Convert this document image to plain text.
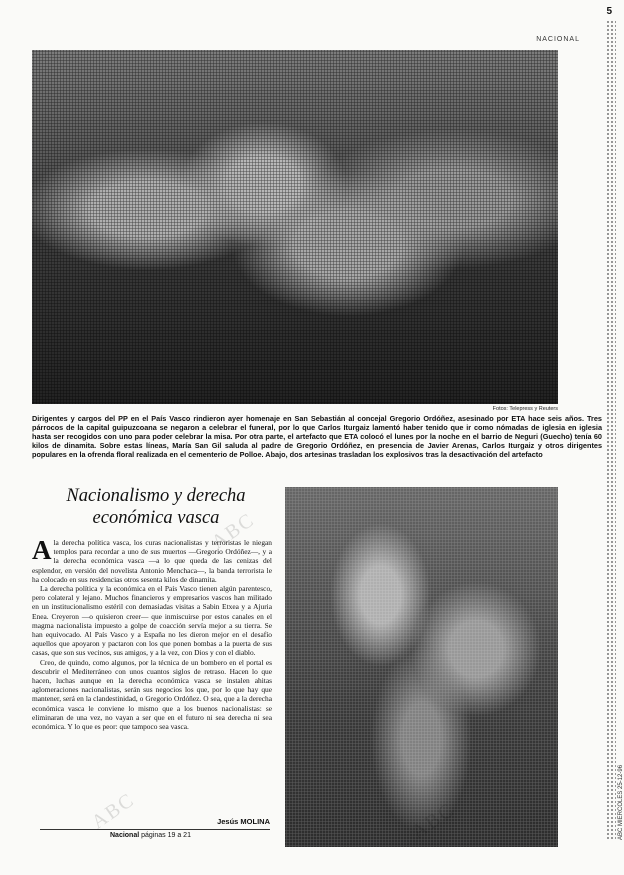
5
NACIONAL
ABC MIERCOLES 25-12-96
Fotos: Telepress y Reuters
Dirigentes y cargos del PP en el País Vasco rindieron ayer homenaje en San Sebastián al concejal Gregorio Ordóñez, asesinado por ETA hace seis años. Tres párrocos de la capital guipuzcoana se negaron a celebrar el funeral, por lo que Carlos Iturgaiz lamentó haber tenido que ir como nómadas de iglesia en iglesia hasta ser recogidos con uno para poder celebrar la misa. Por otra parte, el artefacto que ETA colocó el lunes por la noche en el barrio de Neguri (Guecho) tenía 60 kilos de dinamita. Sobre estas líneas, María San Gil saluda al padre de Gregorio Ordóñez, en presencia de Javier Arenas, Carlos Iturgaiz y otros dirigentes populares en la ofrenda floral realizada en el cementerio de Polloe. Abajo, dos artesinas trasladan los explosivos tras la desactivación del artefacto
Nacionalismo y derecha económica vasca

Ala derecha política vasca, los curas nacionalistas y terroristas le niegan templos para recordar a uno de sus muertos —Gregorio Ordóñez—, y a la derecha económica vasca —a lo que queda de las cenizas del esplendor, en versión del novelista Antonio Menchaca—, la banda terrorista le ha colocado en sus residencias otros sesenta kilos de dinamita.

La derecha política y la económica en el País Vasco tienen algún parentesco, pero colateral y lejano. Muchos financieros y empresarios vascos han militado en un institucionalismo estéril con demasiadas visitas a Sabin Etxea y a Ajuria Enea. Creyeron —o quisieron creer— que inmiscuirse por estos canales en el magma nacionalista impuesto a golpe de coacción servía mejor a su tierra. Se han equivocado. Al País Vasco y a España no les dieron mejor en el desafío aquellos que apoyaron y pactaron con los que ponen bombas a la puerta de sus casas, que son sus vecinos, sus amigos, y a la vez, con Dios y con el diablo.

Creo, de quindo, como algunos, por la técnica de un bombero en el portal es descubrir el Mediterráneo con unos cuantos siglos de retraso. Hacen lo que hacen, luchas aunque en la derecha económica vasca se instalen ahitas aglomeraciones nacionalistas, serán sus negocios los que, por lo que hay que mantener, será en la clandestinidad, o Gregorio Ordóñez. O sea, que a la derecha económica vasca le conviene lo mismo que a los buenos nacionalistas: se eliminaran de una vez, no vayan a ser que en el futuro ni sea derecha ni sea económica. Y lo que es peor: que tampoco sea vasca.

Jesús MOLINA
Nacional páginas 19 a 21
ABC
ABC	ABC
